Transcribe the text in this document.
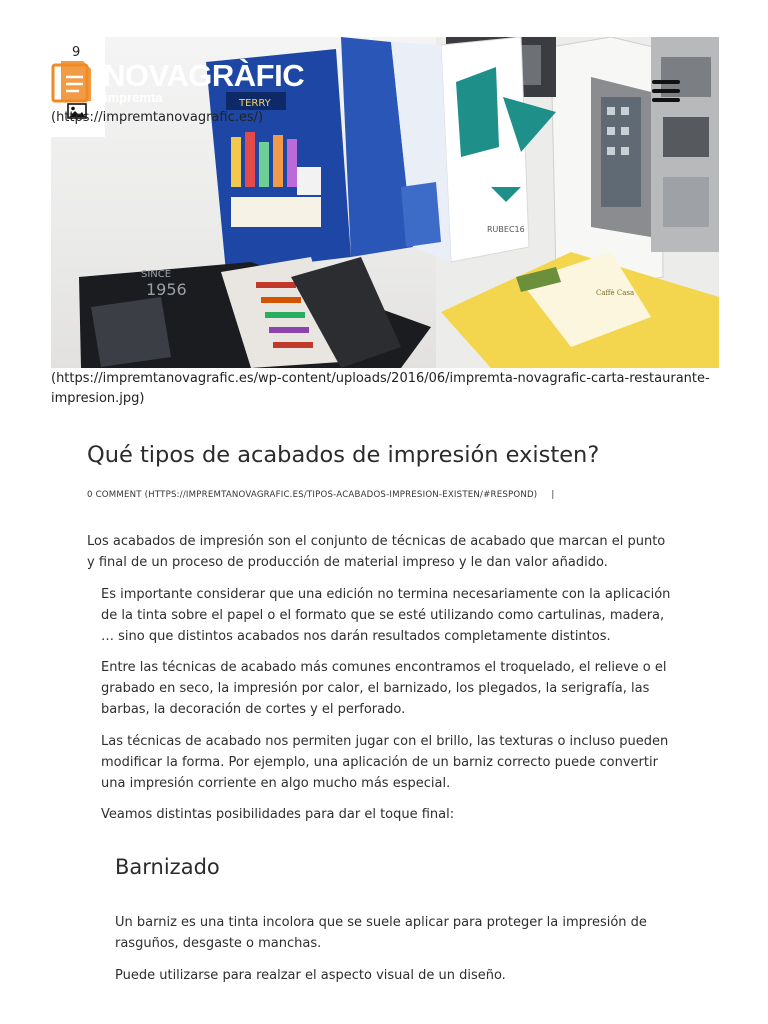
RUBEC16
TERRY
SINCE
1956	Caffè Casa
9
NOVAGRÀFIC
impremta
(https://impremtanovagrafic.es/)
(https://impremtanovagrafic.es/wp-content/uploads/2016/06/impremta-novagrafic-carta-restaurante-impresion.jpg)
Qué tipos de acabados de impresión existen?
0 COMMENT (HTTPS://IMPREMTANOVAGRAFIC.ES/TIPOS-ACABADOS-IMPRESION-EXISTEN/#RESPOND) |

Los acabados de impresión son el conjunto de técnicas de acabado que marcan el punto y final de un proceso de producción de material impreso y le dan valor añadido.

Es importante considerar que una edición no termina necesariamente con la aplicación de la tinta sobre el papel o el formato que se esté utilizando como cartulinas, madera, … sino que distintos acabados nos darán resultados completamente distintos.

Entre las técnicas de acabado más comunes encontramos el troquelado, el relieve o el grabado en seco, la impresión por calor, el barnizado, los plegados, la serigrafía, las barbas, la decoración de cortes y el perforado.

Las técnicas de acabado nos permiten jugar con el brillo, las texturas o incluso pueden modificar la forma. Por ejemplo, una aplicación de un barniz correcto puede convertir una impresión corriente en algo mucho más especial.

Veamos distintas posibilidades para dar el toque final:

Barnizado

Un barniz es una tinta incolora que se suele aplicar para proteger la impresión de rasguños, desgaste o manchas.

Puede utilizarse para realzar el aspecto visual de un diseño.
